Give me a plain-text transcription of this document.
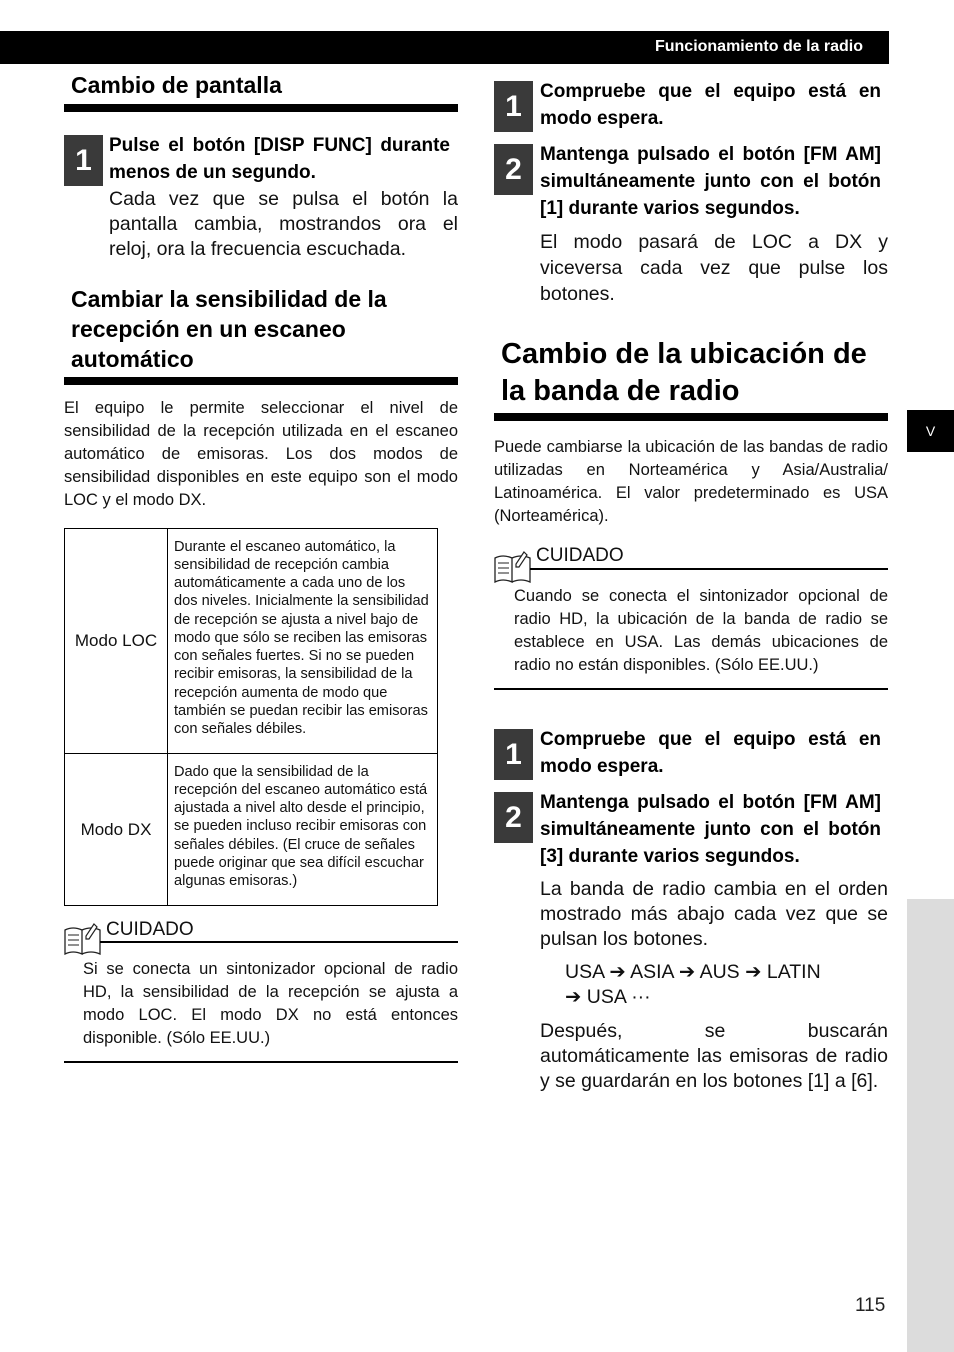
Funcionamiento de la radio
V
Cambio de pantalla
1 Pulse el botón [DISP FUNC] durante menos de un segundo.
Cada vez que se pulsa el botón la pantalla cambia, mostrandos ora el reloj, ora la frecuencia escuchada.
Cambiar la sensibilidad de la
recepción en un escaneo
automático
El equipo le permite seleccionar el nivel de sensibilidad de la recepción utilizada en el escaneo automático de emisoras. Los dos modos de sensibilidad disponibles en este equipo son el modo LOC y el modo DX.
Modo LOC	Durante el escaneo automático, la sensibilidad de recepción cambia automáticamente a cada uno de los dos niveles. Inicialmente la sensibilidad de recepción se ajusta a nivel bajo de modo que sólo se reciben las emisoras con señales fuertes. Si no se pueden recibir emisoras, la sensibilidad de la recepción aumenta de modo que también se puedan recibir las emisoras con señales débiles.
Modo DX	Dado que la sensibilidad de la recepción del escaneo automático está ajustada a nivel alto desde el principio, se pueden incluso recibir emisoras con señales débiles. (El cruce de señales puede originar que sea difícil escuchar algunas emisoras.)
CUIDADO
Si se conecta un sintonizador opcional de radio HD, la sensibilidad de la recepción se ajusta a modo LOC. El modo DX no está entonces disponible. (Sólo EE.UU.)
1 Compruebe que el equipo está en modo espera.
2 Mantenga pulsado el botón [FM AM] simultáneamente junto con el botón [1] durante varios segundos.
El modo pasará de LOC a DX y viceversa cada vez que pulse los botones.
Cambio de la ubicación de
la banda de radio
Puede cambiarse la ubicación de las bandas de radio utilizadas en Norteamérica y Asia/Australia/ Latinoamérica. El valor predeterminado es USA (Norteamérica).
CUIDADO
Cuando se conecta el sintonizador opcional de radio HD, la ubicación de la banda de radio se establece en USA. Las demás ubicaciones de radio no están disponibles. (Sólo EE.UU.)
1 Compruebe que el equipo está en modo espera.
2 Mantenga pulsado el botón [FM AM] simultáneamente junto con el botón [3] durante varios segundos.
La banda de radio cambia en el orden mostrado más abajo cada vez que se pulsan los botones.
USA ➔ ASIA ➔ AUS ➔ LATIN
➔ USA ···
Después, se buscarán automáticamente las emisoras de radio y se guardarán en los botones [1] a [6].
115
